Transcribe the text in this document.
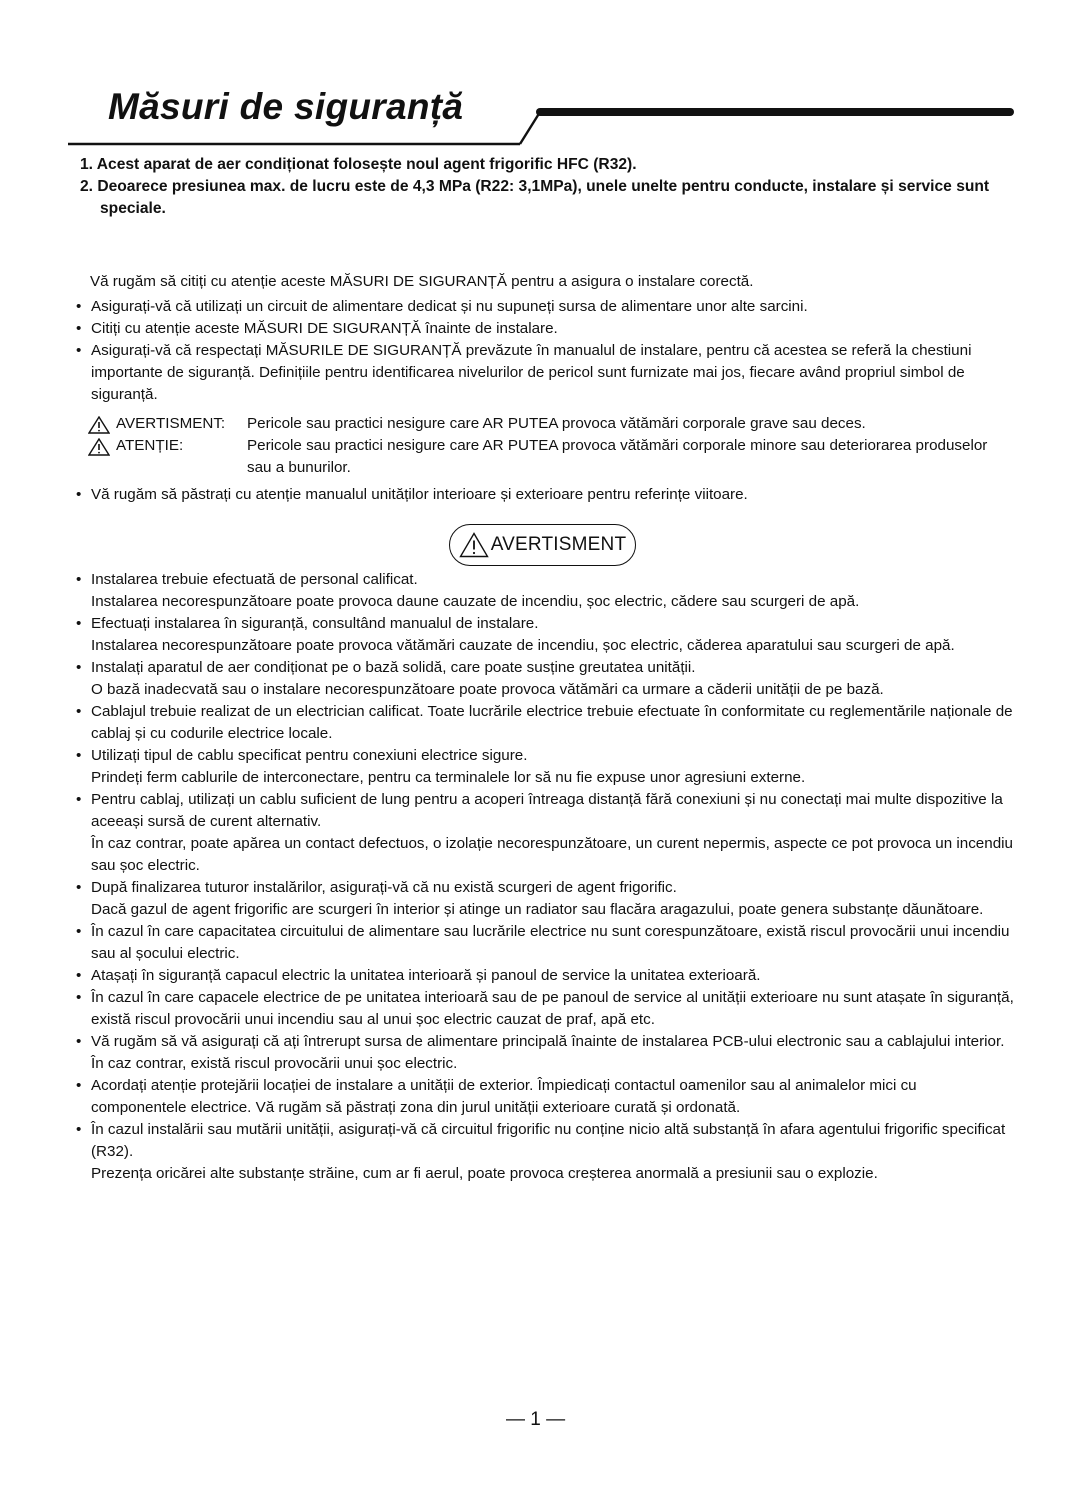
Măsuri de siguranță
1. Acest aparat de aer condiționat folosește noul agent frigorific HFC (R32).
2. Deoarece presiunea max. de lucru este de 4,3 MPa (R22: 3,1MPa), unele unelte pentru conducte, instalare și service sunt speciale.

Vă rugăm să citiți cu atenție aceste MĂSURI DE SIGURANȚĂ pentru a asigura o instalare corectă.

• Asigurați-vă că utilizați un circuit de alimentare dedicat și nu supuneți sursa de alimentare unor alte sarcini.
• Citiți cu atenție aceste MĂSURI DE SIGURANȚĂ înainte de instalare.
• Asigurați-vă că respectați MĂSURILE DE SIGURANȚĂ prevăzute în manualul de instalare, pentru că acestea se referă la chestiuni importante de siguranță. Definițiile pentru identificarea nivelurilor de pericol sunt furnizate mai jos, fiecare având propriul simbol de siguranță.
AVERTISMENT: Pericole sau practici nesigure care AR PUTEA provoca vătămări corporale grave sau deces.
ATENȚIE:	Pericole sau practici nesigure care AR PUTEA provoca vătămări corporale minore sau deteriorarea produselor sau a bunurilor.
• Vă rugăm să păstrați cu atenție manualul unităților interioare și exterioare pentru referințe viitoare.
AVERTISMENT
• Instalarea trebuie efectuată de personal calificat.
Instalarea necorespunzătoare poate provoca daune cauzate de incendiu, șoc electric, cădere sau scurgeri de apă.
• Efectuați instalarea în siguranță, consultând manualul de instalare.
Instalarea necorespunzătoare poate provoca vătămări cauzate de incendiu, șoc electric, căderea aparatului sau scurgeri de apă.
• Instalați aparatul de aer condiționat pe o bază solidă, care poate susține greutatea unității.
O bază inadecvată sau o instalare necorespunzătoare poate provoca vătămări ca urmare a căderii unității de pe bază.
• Cablajul trebuie realizat de un electrician calificat. Toate lucrările electrice trebuie efectuate în conformitate cu reglementările naționale de cablaj și cu codurile electrice locale.
• Utilizați tipul de cablu specificat pentru conexiuni electrice sigure.
Prindeți ferm cablurile de interconectare, pentru ca terminalele lor să nu fie expuse unor agresiuni externe.
• Pentru cablaj, utilizați un cablu suficient de lung pentru a acoperi întreaga distanță fără conexiuni și nu conectați mai multe dispozitive la aceeași sursă de curent alternativ.
În caz contrar, poate apărea un contact defectuos, o izolație necorespunzătoare, un curent nepermis, aspecte ce pot provoca un incendiu sau șoc electric.
• După finalizarea tuturor instalărilor, asigurați-vă că nu există scurgeri de agent frigorific.
Dacă gazul de agent frigorific are scurgeri în interior și atinge un radiator sau flacăra aragazului, poate genera substanțe dăunătoare.
• În cazul în care capacitatea circuitului de alimentare sau lucrările electrice nu sunt corespunzătoare, există riscul provocării unui incendiu sau al șocului electric.
• Atașați în siguranță capacul electric la unitatea interioară și panoul de service la unitatea exterioară.
• În cazul în care capacele electrice de pe unitatea interioară sau de pe panoul de service al unității exterioare nu sunt atașate în siguranță, există riscul provocării unui incendiu sau al unui șoc electric cauzat de praf, apă etc.
• Vă rugăm să vă asigurați că ați întrerupt sursa de alimentare principală înainte de instalarea PCB-ului electronic sau a cablajului interior. În caz contrar, există riscul provocării unui șoc electric.
• Acordați atenție protejării locației de instalare a unității de exterior. Împiedicați contactul oamenilor sau al animalelor mici cu componentele electrice. Vă rugăm să păstrați zona din jurul unității exterioare curată și ordonată.
• În cazul instalării sau mutării unității, asigurați-vă că circuitul frigorific nu conține nicio altă substanță în afara agentului frigorific specificat (R32).
Prezența oricărei alte substanțe străine, cum ar fi aerul, poate provoca creșterea anormală a presiunii sau o explozie.
— 1 —
